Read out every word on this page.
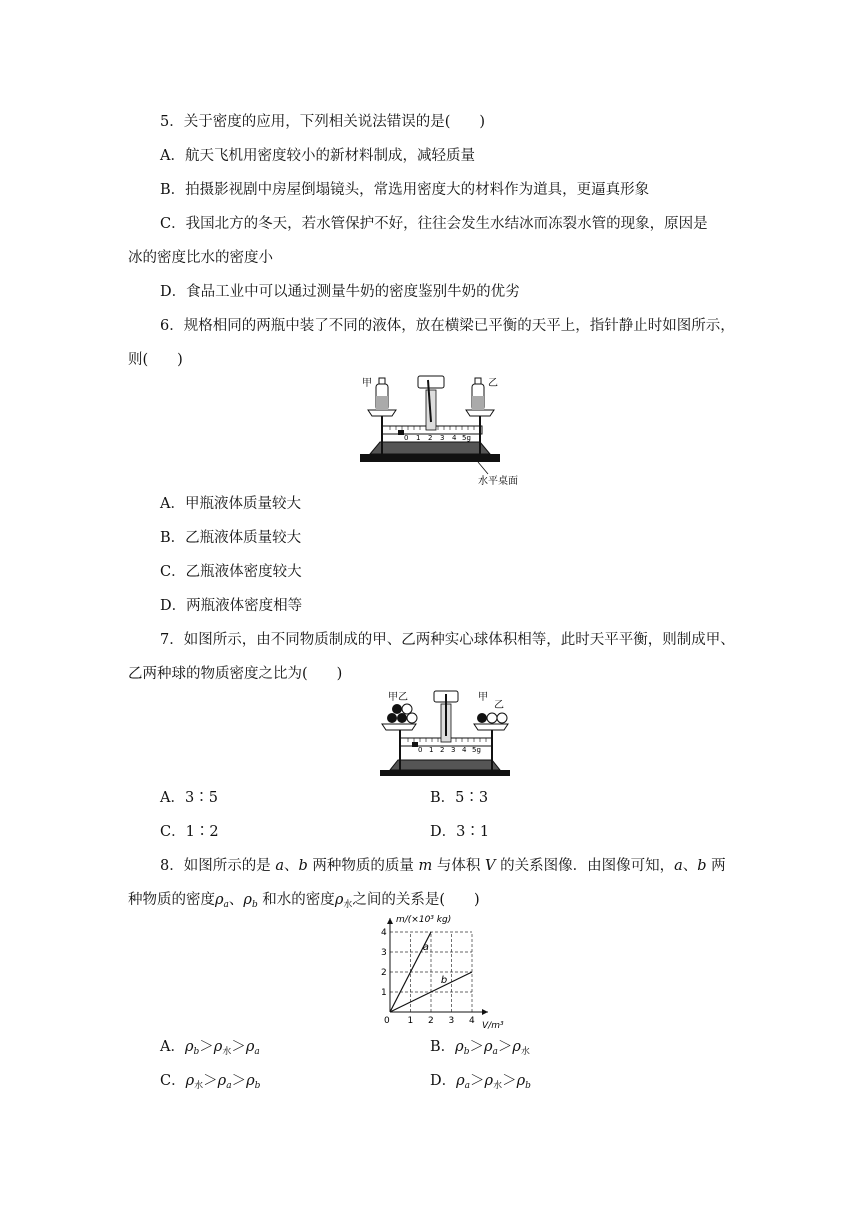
5．关于密度的应用，下列相关说法错误的是(　　)
A．航天飞机用密度较小的新材料制成，减轻质量
B．拍摄影视剧中房屋倒塌镜头，常选用密度大的材料作为道具，更逼真形象
C．我国北方的冬天，若水管保护不好，往往会发生水结冰而冻裂水管的现象，原因是
冰的密度比水的密度小
D．食品工业中可以通过测量牛奶的密度鉴别牛奶的优劣
6．规格相同的两瓶中装了不同的液体，放在横梁已平衡的天平上，指针静止时如图所示，
则(　　)
0 1 2 3 4 5g
甲	乙
水平桌面
A．甲瓶液体质量较大
B．乙瓶液体质量较大
C．乙瓶液体密度较大
D．两瓶液体密度相等
7．如图所示，由不同物质制成的甲、乙两种实心球体积相等，此时天平平衡，则制成甲、
乙两种球的物质密度之比为(　　)
0 1 2 3 4 5g
甲乙	甲
乙
A．3∶5	B．5∶3
C．1∶2	D．3∶1
8．如图所示的是 a、b 两种物质的质量 m 与体积 V 的关系图像．由图像可知，a、b 两
种物质的密度$\rho_a$、$\rho_b$ 和水的密度$\rho_水$之间的关系是(　　)
0 1 2 3 4
1
2
3
4
m/(×10³ kg)
V/m³
a
b
A．$\rho_b>\rho_水>\rho_a$	B．$\rho_b>\rho_a>\rho_水$
C．$\rho_水>\rho_a>\rho_b$	D．$\rho_a>\rho_水>\rho_b$
